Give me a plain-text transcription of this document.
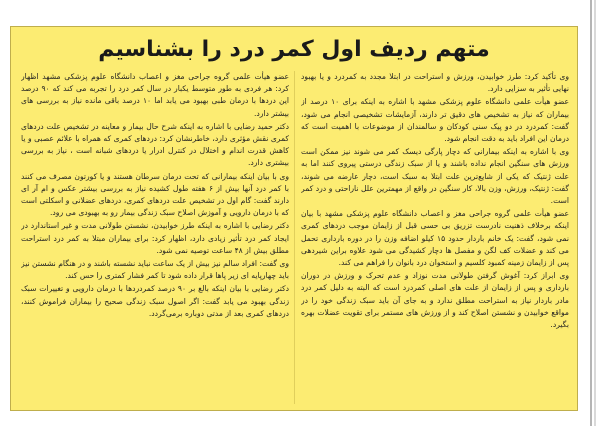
متهم ردیف اول کمر درد را بشناسیم

عضو هیأت علمی گروه جراحی مغز و اعصاب دانشگاه علوم پزشکی مشهد اظهار کرد: هر فردی به طور متوسط یکبار در سال کمر درد را تجربه می کند که ۹۰ درصد این دردها با درمان طبی بهبود می یابد اما ۱۰ درصد باقی مانده نیاز به بررسی های بیشتر دارد.

دکتر حمید رضایی با اشاره به اینکه شرح حال بیمار و معاینه در تشخیص علت دردهای کمری نقش مؤثری دارد، خاطرنشان کرد: دردهای کمری که همراه با علائم عصبی و یا کاهش قدرت اندام و اختلال در کنترل ادرار یا دردهای شبانه است ، نیاز به بررسی بیشتری دارد.

وی با بیان اینکه بیمارانی که تحت درمان سرطان هستند و یا کورتون مصرف می کنند با کمر درد آنها بیش از ۶ هفته طول کشیده نیاز به بررسی بیشتر عکس و ام آر ای دارند گفت: گام اول در تشخیص علت دردهای کمری، دردهای عضلانی و اسکلتی است که با درمان دارویی و آموزش اصلاح سبک زندگی بیمار رو به بهبودی می رود.

دکتر رضایی با اشاره به اینکه طرز خوابیدن، نشستن طولانی مدت و غیر استاندارد در ایجاد کمر درد تأثیر زیادی دارد، اظهار کرد: برای بیماران مبتلا به کمر درد استراحت مطلق بیش از ۴۸ ساعت توصیه نمی شود.

وی گفت: افراد سالم نیز بیش از یک ساعت نباید نشسته باشند و در هنگام نشستن نیز باید چهارپایه ای زیر پاها قرار داده شود تا کمر فشار کمتری را حس کند.

دکتر رضایی با بیان اینکه بالغ بر ۹۰ درصد کمردردها با درمان دارویی و تغییرات سبک زندگی بهبود می یابد گفت: اگر اصول سبک زندگی صحیح را بیماران فراموش کنند، دردهای کمری بعد از مدتی دوباره برمی‌گردد.

وی تأکید کرد: طرز خوابیدن، ورزش و استراحت در ابتلا مجدد به کمردرد و یا بهبود نهایی تأثیر به سزایی دارد.

عضو هیأت علمی دانشگاه علوم پزشکی مشهد با اشاره به اینکه برای ۱۰ درصد از بیماران که نیاز به تشخیص های دقیق تر دارند، آزمایشات تشخیصی انجام می شود، گفت: کمردرد در دو پیک سنی کودکان و سالمندان از موضوعات با اهمیت است که درمان این افراد باید به دقت انجام شود.

وی با اشاره به اینکه بیمارانی که دچار پارگی دیسک کمر می شوند نیز ممکن است ورزش های سنگین انجام نداده باشند و یا از سبک زندگی درستی پیروی کنند اما به علت ژنتیک که یکی از شایع‌ترین علت ابتلا به سبک است، دچار عارضه می شوند، گفت: ژنتیک، ورزش، وزن بالا، کار سنگین در واقع از مهمترین علل ناراحتی و درد کمر است.

عضو هیأت علمی گروه جراحی مغز و اعصاب دانشگاه علوم پزشکی مشهد با بیان اینکه برخلاف ذهنیت نادرست تزریق بی حسی قبل از زایمان موجب دردهای کمری نمی شود، گفت: یک خانم باردار حدود ۱۵ کیلو اضافه وزن را در دوره بارداری تحمل می کند و عضلات کف لگن و مفصل ها دچار کشیدگی می شود علاوه براین شیردهی پس از زایمان زمینه کمبود کلسیم و استخوان درد بانوان را فراهم می کند.

وی ابراز کرد: آغوش گرفتن طولانی مدت نوزاد و عدم تحرک و ورزش در دوران بارداری و پس از زایمان از علت های اصلی کمردرد است که البته به دلیل کمر درد مادر باردار نیاز به استراحت مطلق ندارد و به جای آن باید سبک زندگی خود را در مواقع خوابیدن و نشستن اصلاح کند و از ورزش های مستمر برای تقویت عضلات بهره بگیرد.
